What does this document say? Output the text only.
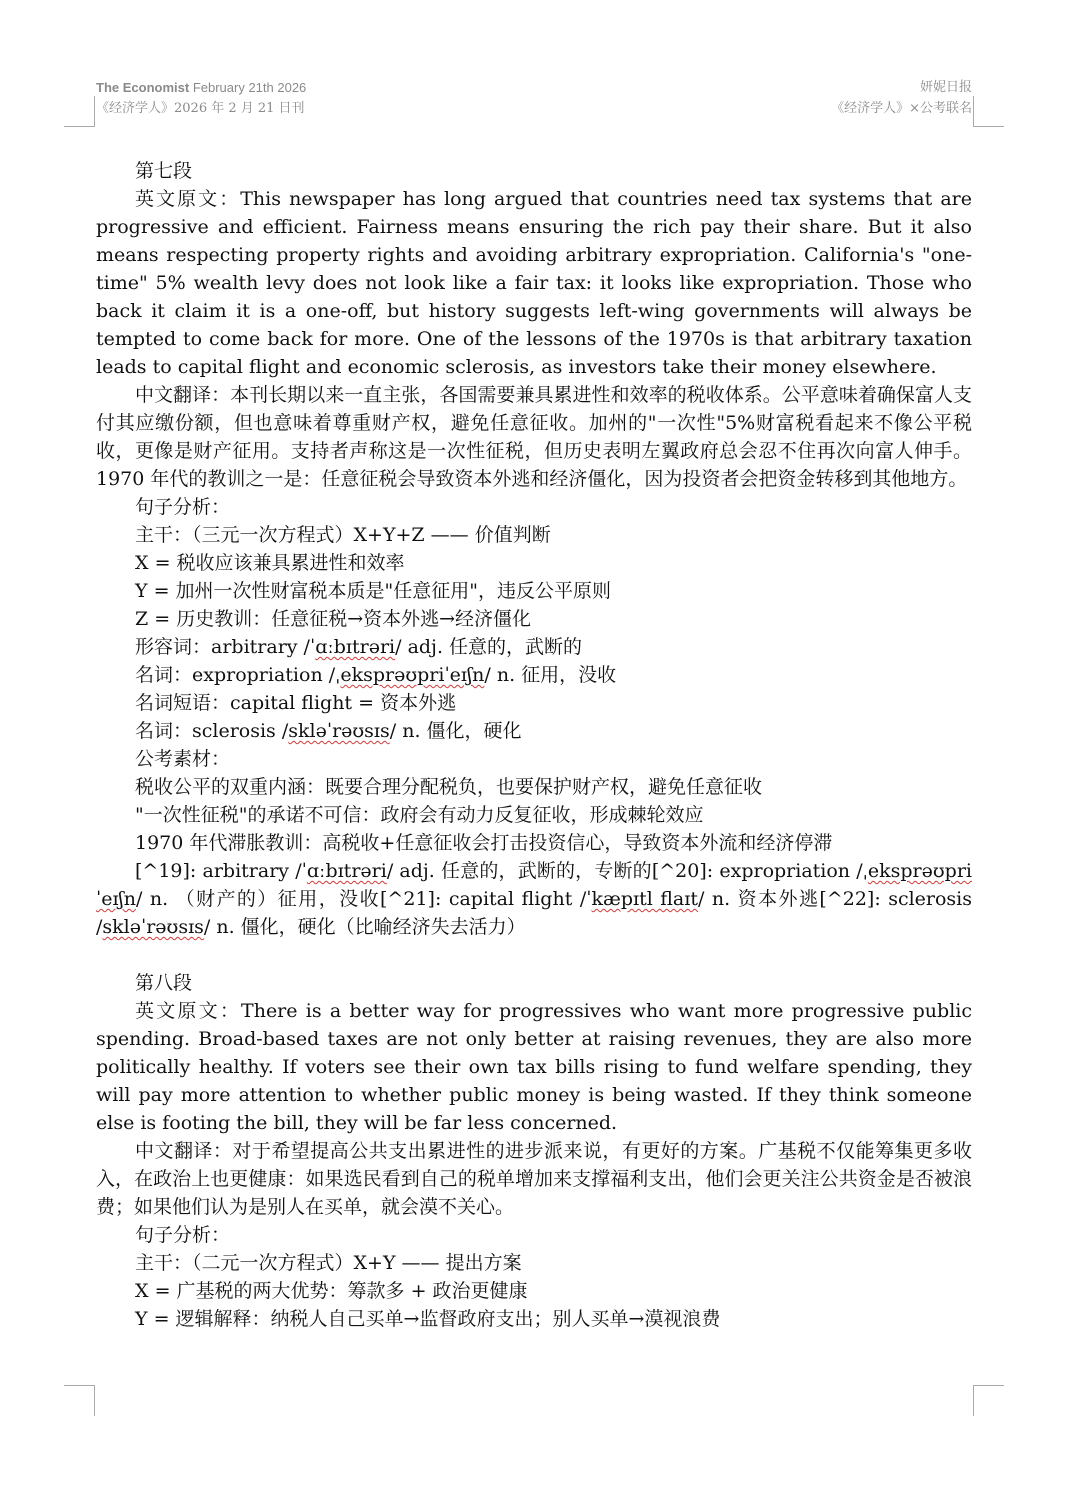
The Economist February 21th 2026
《经济学人》2026 年 2 月 21 日刊
妍妮日报
《经济学人》×公考联名

第七段

英文原文：This newspaper has long argued that countries need tax systems that are progressive and efficient. Fairness means ensuring the rich pay their share. But it also means respecting property rights and avoiding arbitrary expropriation. California's "one-time" 5% wealth levy does not look like a fair tax: it looks like expropriation. Those who back it claim it is a one-off, but history suggests left-wing governments will always be tempted to come back for more. One of the lessons of the 1970s is that arbitrary taxation leads to capital flight and economic sclerosis, as investors take their money elsewhere.

中文翻译：本刊长期以来一直主张，各国需要兼具累进性和效率的税收体系。公平意味着确保富人支付其应缴份额，但也意味着尊重财产权，避免任意征收。加州的"一次性"5%财富税看起来不像公平税收，更像是财产征用。支持者声称这是一次性征税，但历史表明左翼政府总会忍不住再次向富人伸手。1970 年代的教训之一是：任意征税会导致资本外逃和经济僵化，因为投资者会把资金转移到其他地方。

句子分析：

主干：（三元一次方程式）X+Y+Z —— 价值判断

X = 税收应该兼具累进性和效率

Y = 加州一次性财富税本质是"任意征用"，违反公平原则

Z = 历史教训：任意征税→资本外逃→经济僵化

形容词：arbitrary /ˈɑːbɪtrəri/ adj. 任意的，武断的

名词：expropriation /ˌeksprəʊpriˈeɪʃn/ n. 征用，没收

名词短语：capital flight = 资本外逃

名词：sclerosis /skləˈrəʊsɪs/ n. 僵化，硬化

公考素材：

税收公平的双重内涵：既要合理分配税负，也要保护财产权，避免任意征收

"一次性征税"的承诺不可信：政府会有动力反复征收，形成棘轮效应

1970 年代滞胀教训：高税收+任意征收会打击投资信心，导致资本外流和经济停滞

[^19]: arbitrary /ˈɑːbɪtrəri/ adj. 任意的，武断的，专断的[^20]: expropriation /ˌeksprəʊpriˈeɪʃn/ n. （财产的）征用，没收[^21]: capital flight /ˈkæpɪtl flaɪt/ n. 资本外逃[^22]: sclerosis /skləˈrəʊsɪs/ n. 僵化，硬化（比喻经济失去活力）

第八段

英文原文：There is a better way for progressives who want more progressive public spending. Broad-based taxes are not only better at raising revenues, they are also more politically healthy. If voters see their own tax bills rising to fund welfare spending, they will pay more attention to whether public money is being wasted. If they think someone else is footing the bill, they will be far less concerned.

中文翻译：对于希望提高公共支出累进性的进步派来说，有更好的方案。广基税不仅能筹集更多收入，在政治上也更健康：如果选民看到自己的税单增加来支撑福利支出，他们会更关注公共资金是否被浪费；如果他们认为是别人在买单，就会漠不关心。

句子分析：

主干：（二元一次方程式）X+Y —— 提出方案

X = 广基税的两大优势：筹款多 + 政治更健康

Y = 逻辑解释：纳税人自己买单→监督政府支出；别人买单→漠视浪费
